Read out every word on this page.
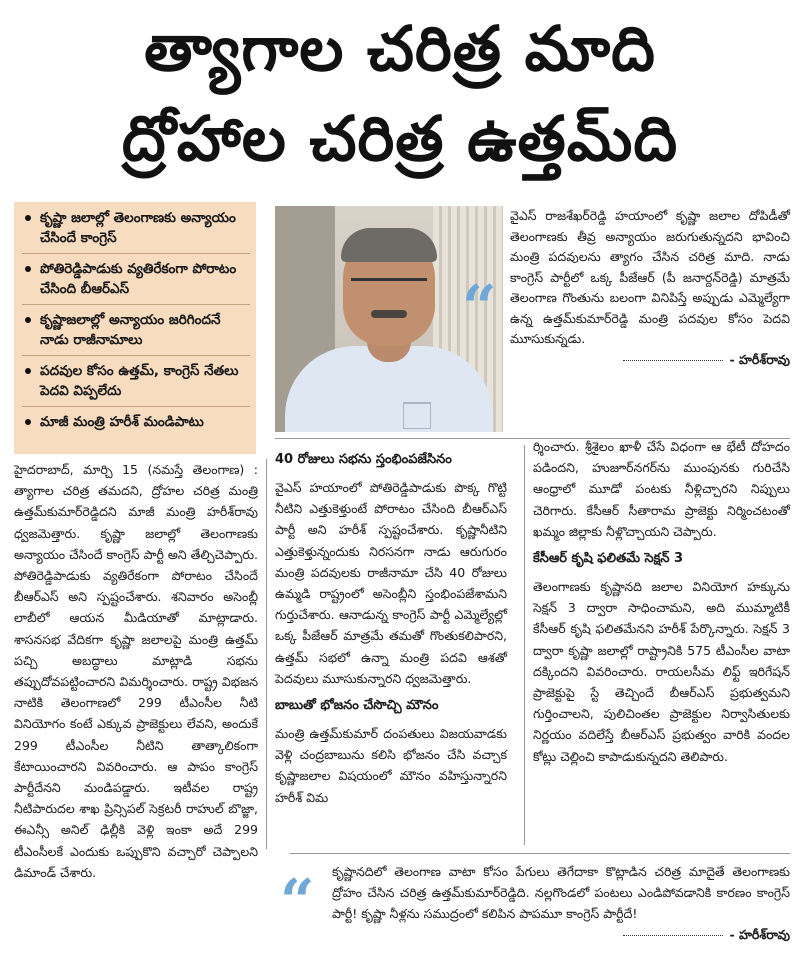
త్యాగాల చరిత్ర మాది
ద్రోహాల చరిత్ర ఉత్తమ్‌ది
కృష్ణా జలాల్లో తెలంగాణకు అన్యాయం చేసిందే కాంగ్రెస్
పోతిరెడ్డిపాడుకు వ్యతిరేకంగా పోరాటం చేసింది బీఆర్‌ఎస్
కృష్ణాజలాల్లో అన్యాయం జరిగిందనే నాడు రాజీనామాలు
పదవుల కోసం ఉత్తమ్, కాంగ్రెస్ నేతలు పెదవి విప్పలేదు
మాజీ మంత్రి హరీశ్ మండిపాటు
“
వైఎస్ రాజశేఖర్‌రెడ్డి హయాంలో కృష్ణా జలాల దోపిడీతో తెలంగాణకు తీవ్ర అన్యాయం జరుగుతున్నదని భావించి మంత్రి పదవులను త్యాగం చేసిన చరిత్ర మాది. నాడు కాంగ్రెస్ పార్టీలో ఒక్క పీజేఆర్ (పీ జనార్దన్‌రెడ్డి) మాత్రమే తెలంగాణ గొంతును బలంగా వినిపిస్తే అప్పుడు ఎమ్మెల్యేగా ఉన్న ఉత్తమ్‌కుమార్‌రెడ్డి మంత్రి పదవుల కోసం పెదవి మూసుకున్నడు.
- హరీశ్‌రావు

హైదరాబాద్, మార్చి 15 (నమస్తే తెలంగాణ) : త్యాగాల చరిత్ర తమదని, ద్రోహల చరిత్ర మంత్రి ఉత్తమ్‌కుమార్‌రెడ్డిదని మాజీ మంత్రి హరీశ్‌రావు ధ్వజమెత్తారు. కృష్ణా జలాల్లో తెలంగాణకు అన్యాయం చేసిందే కాంగ్రెస్ పార్టీ అని తేల్చిచెప్పారు. పోతిరెడ్డిపాడుకు వ్యతిరేకంగా పోరాటం చేసిందే బీఆర్‌ఎస్ అని స్పష్టంచేశారు. శనివారం అసెంబ్లీ లాబీలో ఆయన మీడియాతో మాట్లాడారు. శాసనసభ వేదికగా కృష్ణా జలాలపై మంత్రి ఉత్తమ్ పచ్చి అబద్ధాలు మాట్లాడి సభను తప్పుదోవపట్టించారని విమర్శించారు. రాష్ట్ర విభజన నాటికి తెలంగాణలో 299 టీఎంసీల నీటి వినియోగం కంటే ఎక్కువ ప్రాజెక్టులు లేవని, అందుకే 299 టీఎంసీల నీటిని తాత్కాలికంగా కేటాయించారని వివరించారు. ఆ పాపం కాంగ్రెస్ పార్టీదేనని మండిపడ్డారు. ఇటీవల రాష్ట్ర నీటిపారుదల శాఖ ప్రిన్సిపల్ సెక్రటరీ రాహుల్ బొజ్జా, ఈఎన్సీ అనిల్ ఢిల్లీకి వెళ్లి ఇంకా అదే 299 టీఎంసీలకే ఎందుకు ఒప్పుకొని వచ్చారో చెప్పాలని డిమాండ్ చేశారు.

40 రోజులు సభను స్తంభింపజేసినం

వైఎస్ హయాంలో పోతిరెడ్డిపాడుకు పొక్క గొట్టి నీటిని ఎత్తుకెళ్తుంటే పోరాటం చేసింది బీఆర్‌ఎస్ పార్టీ అని హరీశ్ స్పష్టంచేశారు. కృష్ణానీటిని ఎత్తుకెళ్తున్నందుకు నిరసనగా నాడు ఆరుగురం మంత్రి పదవులకు రాజీనామా చేసి 40 రోజులు ఉమ్మడి రాష్ట్రంలో అసెంబ్లీని స్తంభింపజేశామని గుర్తుచేశారు. ఆనాడున్న కాంగ్రెస్ పార్టీ ఎమ్మెల్యేల్లో ఒక్క పీజేఆర్ మాత్రమే తమతో గొంతుకలిపారని, ఉత్తమ్ సభలో ఉన్నా మంత్రి పదవి ఆశతో పెదవులు మూసుకున్నారని ధ్వజమెత్తారు.

బాబుతో భోజనం చేసొచ్చి మౌనం

మంత్రి ఉత్తమ్‌కుమార్ దంపతులు విజయవాడకు వెళ్లి చంద్రబాబును కలిసి భోజనం చేసి వచ్చాక కృష్ణాజలాల విషయంలో మౌనం వహిస్తున్నారని హరీశ్ విమ

ర్శించారు. శ్రీశైలం ఖాళీ చేసే విధంగా ఆ భేటీ దోహదం పడిందని, హుజూర్‌నగర్‌ను ముంపునకు గురిచేసి ఆంధ్రాలో మూడో పంటకు నీళ్లిచ్చారని నిప్పులు చెరిగారు. కేసీఆర్ సీతారామ ప్రాజెక్టు నిర్మించటంతో ఖమ్మం జిల్లాకు నీళ్లొచ్చాయని చెప్పారు.

కేసీఆర్ కృషి ఫలితమే సెక్షన్ 3

తెలంగాణకు కృష్ణానది జలాల వినియోగ హక్కును సెక్షన్ 3 ద్వారా సాధించామని, అది ముమ్మాటికీ కేసీఆర్ కృషి ఫలితమేనని హరీశ్ పేర్కొన్నారు. సెక్షన్ 3 ద్వారా కృష్ణా జలాల్లో రాష్ట్రానికి 575 టీఎంసీల వాటా దక్కిందని వివరించారు. రాయలసీమ లిఫ్ట్ ఇరిగేషన్ ప్రాజెక్టుపై స్టే తెచ్చిందే బీఆర్‌ఎస్ ప్రభుత్వమని గుర్తించాలని, పులిచింతల ప్రాజెక్టుల నిర్వాసితులకు నిర్ణయం వదిలేస్తే బీఆర్‌ఎస్ ప్రభుత్వం వారికి వందల కోట్లు చెల్లించి కాపాడుకున్నదని తెలిపారు.

“ కృష్ణానదిలో తెలంగాణ వాటా కోసం పేగులు తెగేదాకా కొట్లాడిన చరిత్ర మాదైతే తెలంగాణకు ద్రోహం చేసిన చరిత్ర ఉత్తమ్‌కుమార్‌రెడ్డిది. నల్లగొండలో పంటలు ఎండిపోవడానికి కారణం కాంగ్రెస్ పార్టీ! కృష్ణా నీళ్లను సముద్రంలో కలిపిన పాపమూ కాంగ్రెస్ పార్టీదే!
- హరీశ్‌రావు
